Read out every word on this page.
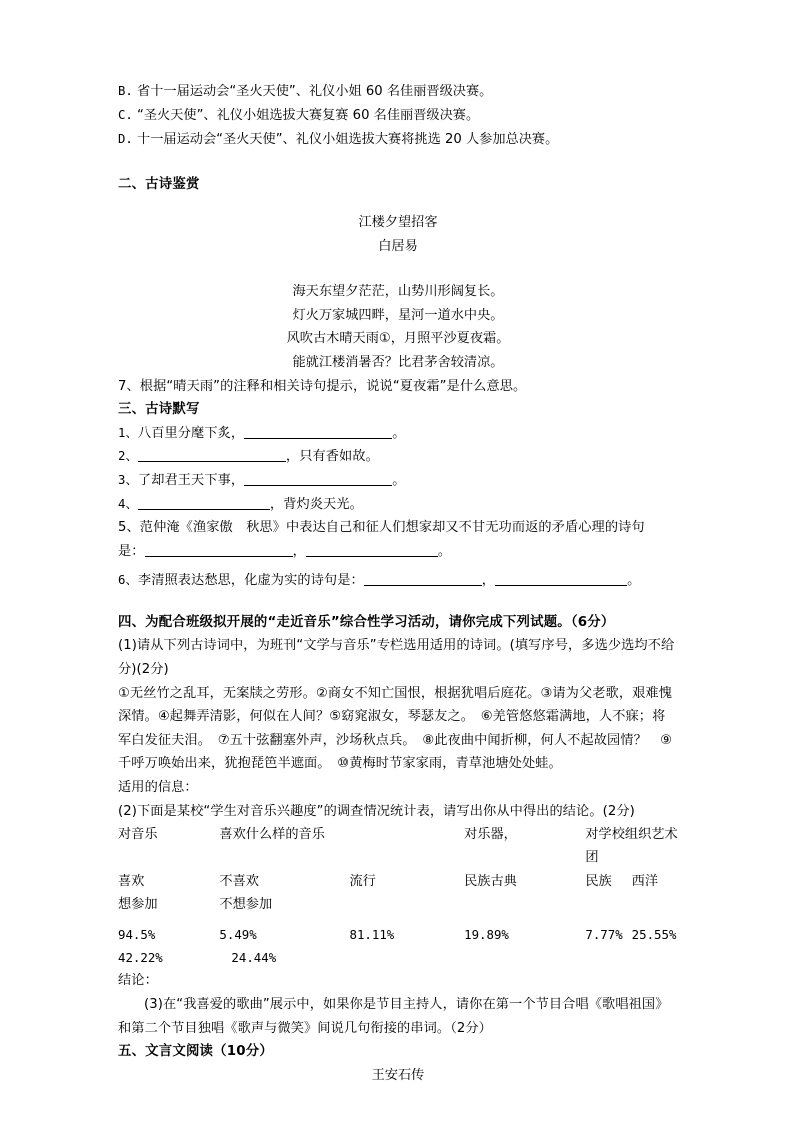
B. 省十一届运动会“圣火天使”、礼仪小姐 60 名佳丽晋级决赛。
C. “圣火天使”、礼仪小姐选拔大赛复赛 60 名佳丽晋级决赛。
D. 十一届运动会“圣火天使”、礼仪小姐选拔大赛将挑选 20 人参加总决赛。
二、古诗鉴赏
江楼夕望招客
白居易
海天东望夕茫茫，山势川形阔复长。
灯火万家城四畔，星河一道水中央。
风吹古木晴天雨①，月照平沙夏夜霜。
能就江楼消暑否？比君茅舍较清凉。
7、根据“晴天雨”的注释和相关诗句提示，说说“夏夜霜”是什么意思。
三、古诗默写
1、八百里分麾下炙，	。
2、	，只有香如故。
3、了却君王天下事，	。
4、	，背灼炎天光。
5、范仲淹《渔家傲　秋思》中表达自己和征人们想家却又不甘无功而返的矛盾心理的诗句
是：	，	。
6、李清照表达愁思，化虚为实的诗句是：	，	。
四、为配合班级拟开展的“走近音乐”综合性学习活动，请你完成下列试题。（6分）
(1)请从下列古诗词中，为班刊“文学与音乐”专栏选用适用的诗词。(填写序号，多选少选均不给分)(2分)
①无丝竹之乱耳，无案牍之劳形。②商女不知亡国恨，根据犹唱后庭花。③请为父老歌，艰难愧深情。④起舞弄清影，何似在人间？⑤窈窕淑女，琴瑟友之。　⑥羌管悠悠霜满地，人不寐；将军白发征夫泪。　⑦五十弦翻塞外声，沙场秋点兵。　⑧此夜曲中闻折柳，何人不起故园情？　⑨千呼万唤始出来，犹抱琵笆半遮面。　⑩黄梅时节家家雨，青草池塘处处蛙。
适用的信息：
(2)下面是某校“学生对音乐兴趣度”的调查情况统计表，请写出你从中得出的结论。(2分)
对音乐	喜欢什么样的音乐		对乐器，	对学校组织艺术团	
喜欢	不喜欢	流行	民族古典	民族	西洋
想参加	不想参加				
94.5%	5.49%	81.11%	19.89%	7.77%	25.55%
42.22%	24.44%				
结论：
(3)在“我喜爱的歌曲”展示中，如果你是节目主持人，请你在第一个节目合唱《歌唱祖国》和第二个节目独唱《歌声与微笑》间说几句衔接的串词。（2分）
五、文言文阅读（10分）
王安石传
